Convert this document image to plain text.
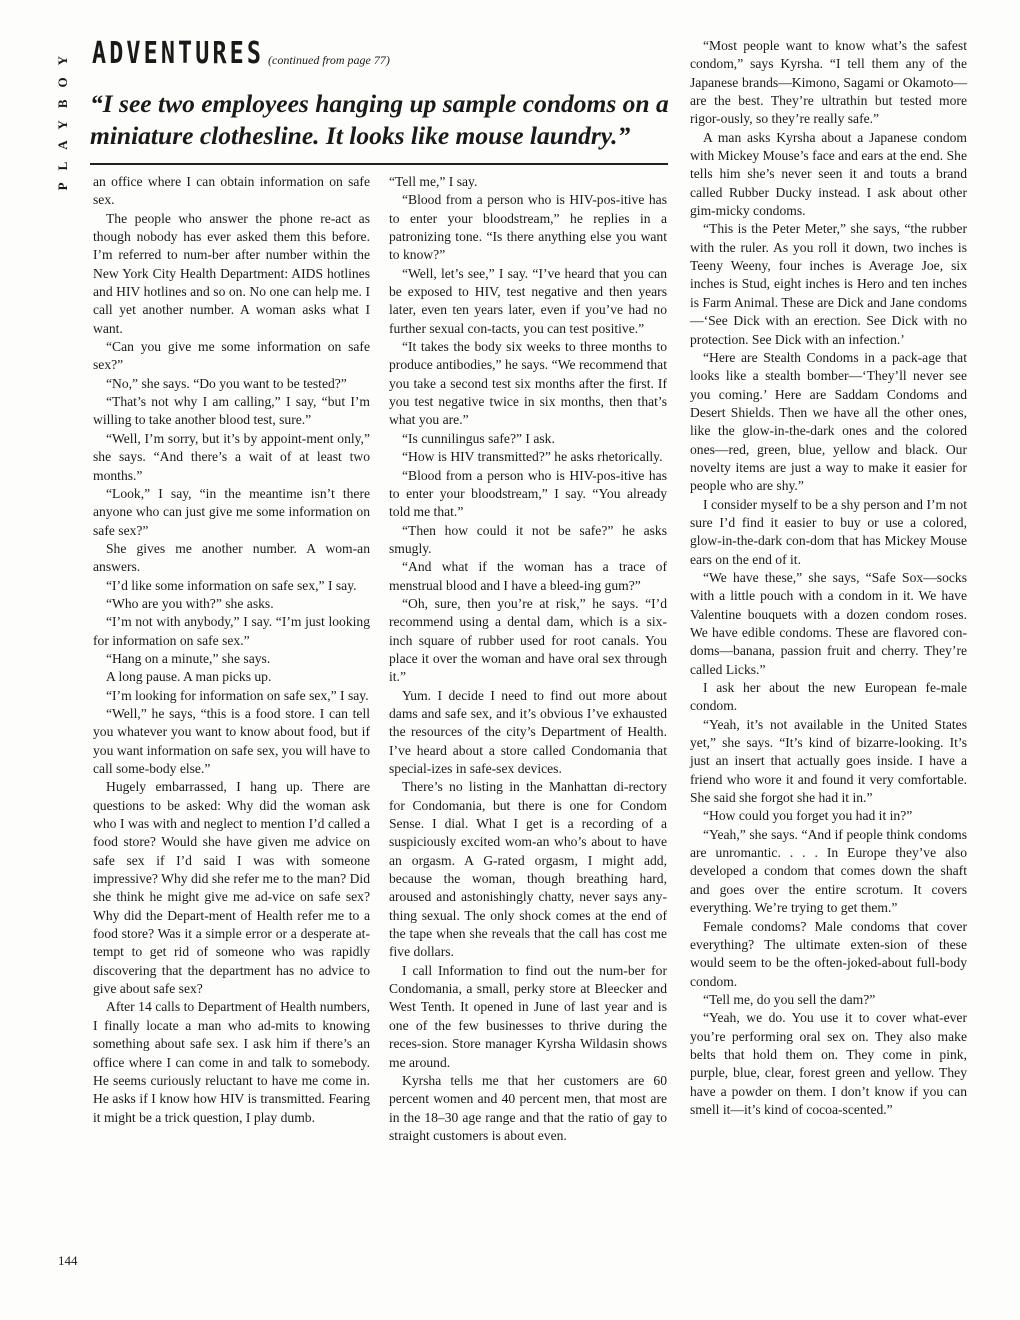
PLAYBOY ADVENTURES (continued from page 77)
“I see two employees hanging up sample condoms on a miniature clothesline. It looks like mouse laundry.”

an office where I can obtain information on safe sex.

The people who answer the phone re-act as though nobody has ever asked them this before. I’m referred to num-ber after number within the New York City Health Department: AIDS hotlines and HIV hotlines and so on. No one can help me. I call yet another number. A woman asks what I want.

“Can you give me some information on safe sex?”

“No,” she says. “Do you want to be tested?”

“That’s not why I am calling,” I say, “but I’m willing to take another blood test, sure.”

“Well, I’m sorry, but it’s by appoint-ment only,” she says. “And there’s a wait of at least two months.”

“Look,” I say, “in the meantime isn’t there anyone who can just give me some information on safe sex?”

She gives me another number. A wom-an answers.

“I’d like some information on safe sex,” I say.

“Who are you with?” she asks.

“I’m not with anybody,” I say. “I’m just looking for information on safe sex.”

“Hang on a minute,” she says.

A long pause. A man picks up.

“I’m looking for information on safe sex,” I say.

“Well,” he says, “this is a food store. I can tell you whatever you want to know about food, but if you want information on safe sex, you will have to call some-body else.”

Hugely embarrassed, I hang up. There are questions to be asked: Why did the woman ask who I was with and neglect to mention I’d called a food store? Would she have given me advice on safe sex if I’d said I was with someone impressive? Why did she refer me to the man? Did she think he might give me ad-vice on safe sex? Why did the Depart-ment of Health refer me to a food store? Was it a simple error or a desperate at-tempt to get rid of someone who was rapidly discovering that the department has no advice to give about safe sex?

After 14 calls to Department of Health numbers, I finally locate a man who ad-mits to knowing something about safe sex. I ask him if there’s an office where I can come in and talk to somebody. He seems curiously reluctant to have me come in. He asks if I know how HIV is transmitted. Fearing it might be a trick question, I play dumb.

“Tell me,” I say.

“Blood from a person who is HIV-pos-itive has to enter your bloodstream,” he replies in a patronizing tone. “Is there anything else you want to know?”

“Well, let’s see,” I say. “I’ve heard that you can be exposed to HIV, test negative and then years later, even ten years later, even if you’ve had no further sexual con-tacts, you can test positive.”

“It takes the body six weeks to three months to produce antibodies,” he says. “We recommend that you take a second test six months after the first. If you test negative twice in six months, then that’s what you are.”

“Is cunnilingus safe?” I ask.

“How is HIV transmitted?” he asks rhetorically.

“Blood from a person who is HIV-pos-itive has to enter your bloodstream,” I say. “You already told me that.”

“Then how could it not be safe?” he asks smugly.

“And what if the woman has a trace of menstrual blood and I have a bleed-ing gum?”

“Oh, sure, then you’re at risk,” he says. “I’d recommend using a dental dam, which is a six-inch square of rubber used for root canals. You place it over the woman and have oral sex through it.”

Yum. I decide I need to find out more about dams and safe sex, and it’s obvious I’ve exhausted the resources of the city’s Department of Health. I’ve heard about a store called Condomania that special-izes in safe-sex devices.

There’s no listing in the Manhattan di-rectory for Condomania, but there is one for Condom Sense. I dial. What I get is a recording of a suspiciously excited wom-an who’s about to have an orgasm. A G-rated orgasm, I might add, because the woman, though breathing hard, aroused and astonishingly chatty, never says any-thing sexual. The only shock comes at the end of the tape when she reveals that the call has cost me five dollars.

I call Information to find out the num-ber for Condomania, a small, perky store at Bleecker and West Tenth. It opened in June of last year and is one of the few businesses to thrive during the reces-sion. Store manager Kyrsha Wildasin shows me around.

Kyrsha tells me that her customers are 60 percent women and 40 percent men, that most are in the 18–30 age range and that the ratio of gay to straight customers is about even.

“Most people want to know what’s the safest condom,” says Kyrsha. “I tell them any of the Japanese brands—Kimono, Sagami or Okamoto—are the best. They’re ultrathin but tested more rigor-ously, so they’re really safe.”

A man asks Kyrsha about a Japanese condom with Mickey Mouse’s face and ears at the end. She tells him she’s never seen it and touts a brand called Rubber Ducky instead. I ask about other gim-micky condoms.

“This is the Peter Meter,” she says, “the rubber with the ruler. As you roll it down, two inches is Teeny Weeny, four inches is Average Joe, six inches is Stud, eight inches is Hero and ten inches is Farm Animal. These are Dick and Jane condoms—‘See Dick with an erection. See Dick with no protection. See Dick with an infection.’

“Here are Stealth Condoms in a pack-age that looks like a stealth bomber—‘They’ll never see you coming.’ Here are Saddam Condoms and Desert Shields. Then we have all the other ones, like the glow-in-the-dark ones and the colored ones—red, green, blue, yellow and black. Our novelty items are just a way to make it easier for people who are shy.”

I consider myself to be a shy person and I’m not sure I’d find it easier to buy or use a colored, glow-in-the-dark con-dom that has Mickey Mouse ears on the end of it.

“We have these,” she says, “Safe Sox—socks with a little pouch with a condom in it. We have Valentine bouquets with a dozen condom roses. We have edible condoms. These are flavored con-doms—banana, passion fruit and cherry. They’re called Licks.”

I ask her about the new European fe-male condom.

“Yeah, it’s not available in the United States yet,” she says. “It’s kind of bizarre-looking. It’s just an insert that actually goes inside. I have a friend who wore it and found it very comfortable. She said she forgot she had it in.”

“How could you forget you had it in?”

“Yeah,” she says. “And if people think condoms are unromantic. . . . In Europe they’ve also developed a condom that comes down the shaft and goes over the entire scrotum. It covers everything. We’re trying to get them.”

Female condoms? Male condoms that cover everything? The ultimate exten-sion of these would seem to be the often-joked-about full-body condom.

“Tell me, do you sell the dam?”

“Yeah, we do. You use it to cover what-ever you’re performing oral sex on. They also make belts that hold them on. They come in pink, purple, blue, clear, forest green and yellow. They have a powder on them. I don’t know if you can smell it—it’s kind of cocoa-scented.”

144
